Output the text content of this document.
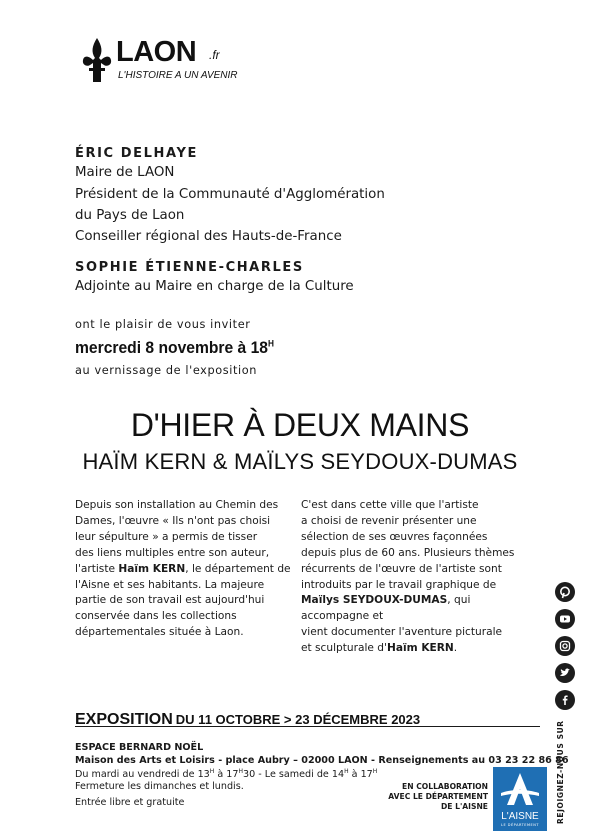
LAON .fr
L'HISTOIRE A UN AVENIR
ÉRIC DELHAYE
Maire de LAON
Président de la Communauté d'Agglomération
du Pays de Laon
Conseiller régional des Hauts-de-France
SOPHIE ÉTIENNE-CHARLES
Adjointe au Maire en charge de la Culture
ont le plaisir de vous inviter
mercredi 8 novembre à $18^H$
au vernissage de l'exposition
D'HIER À DEUX MAINS
HAÏM KERN & MAÏLYS SEYDOUX-DUMAS
Depuis son installation au Chemin des
Dames, l'œuvre « Ils n'ont pas choisi
leur sépulture » a permis de tisser
des liens multiples entre son auteur,
l'artiste Haïm KERN, le département de
l'Aisne et ses habitants. La majeure
partie de son travail est aujourd'hui
conservée dans les collections
départementales située à Laon.
C'est dans cette ville que l'artiste
a choisi de revenir présenter une
sélection de ses œuvres façonnées
depuis plus de 60 ans. Plusieurs thèmes
récurrents de l'œuvre de l'artiste sont
introduits par le travail graphique de
Maïlys SEYDOUX-DUMAS, qui accompagne et
vient documenter l'aventure picturale
et sculpturale d'Haïm KERN.
REJOIGNEZ-NOUS SUR
EXPOSITION DU 11 OCTOBRE > 23 DÉCEMBRE 2023
ESPACE BERNARD NOËL
Maison des Arts et Loisirs - place Aubry – 02000 LAON - Renseignements au 03 23 22 86 86
Du mardi au vendredi de $13^H$ à $17^H30$ - Le samedi de $14^H$ à $17^H$
Fermeture les dimanches et lundis.
Entrée libre et gratuite
EN COLLABORATION
AVEC LE DÉPARTEMENT
DE L'AISNE
L'AISNE
LE DÉPARTEMENT
